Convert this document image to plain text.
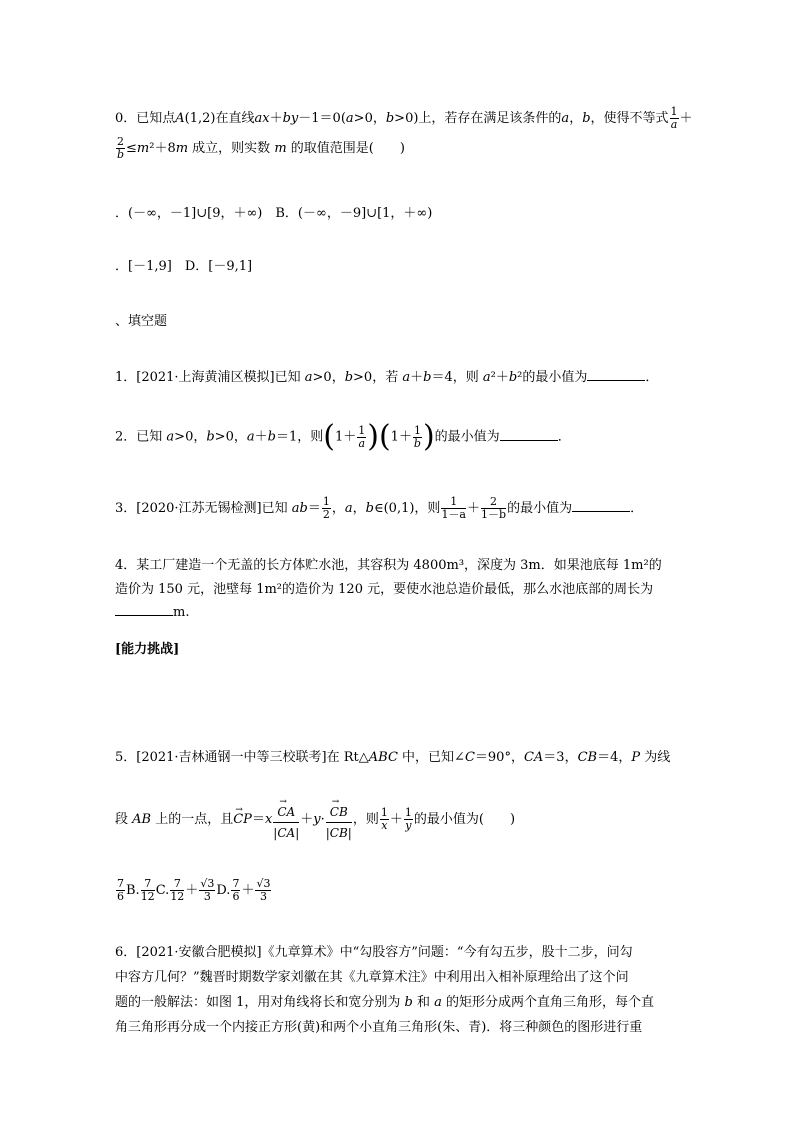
0．已知点A(1,2)在直线ax＋by－1＝0(a>0，b>0)上，若存在满足该条件的a，b，使得不等式 $\frac{1}{a}$ ＋
$\frac{2}{b} \le m^2+8m$ 成立，则实数 m 的取值范围是(　　)
．(－∞，－1]∪[9，＋∞)　B．(－∞，－9]∪[1，＋∞)
．[－1,9]　D．[－9,1]
、填空题
1．[2021·上海黄浦区模拟]已知 a>0，b>0，若 a＋b＝4，则 a²＋b²的最小值为	．
2．已知 a>0，b>0，a＋b＝1，则$(1+ \frac{1}{a} )(1+ \frac{1}{b}$ )的最小值为	．
3．[2020·江苏无锡检测]已知 $ab= \frac{1}{2}$ ，a，b∈(0,1)，则 $\frac{1}{1-a} + \frac{2}{1-b}$ 的最小值为	．
4．某工厂建造一个无盖的长方体贮水池，其容积为 4800m³，深度为 3m．如果池底每 1m²的
造价为 150 元，池壁每 1m²的造价为 120 元，要使水池总造价最低，那么水池底部的周长为
m.
[能力挑战]
5．[2021·吉林通钢一中等三校联考]在 Rt△ABC 中，已知∠C＝90°，CA＝3，CB＝4，P 为线
段 AB 上的一点，且→ CP＝x
→ $\frac{CA}{|CA|} +y\cdot$
→ $\frac{CB}{|CB|}$ ，则 $\frac{1}{x} + \frac{1}{y}$ 的最小值为(　　)
$\frac{7}{6} B$. $\frac{7}{12} C$. $\frac{7}{12} + \frac{√3}{3} D$. $\frac{7}{6} + \frac{√3}{3}$
6．[2021·安徽合肥模拟]《九章算术》中“勾股容方”问题：“今有勾五步，股十二步，问勾
中容方几何？”魏晋时期数学家刘徽在其《九章算术注》中利用出入相补原理给出了这个问
题的一般解法：如图 1，用对角线将长和宽分别为 b 和 a 的矩形分成两个直角三角形，每个直
角三角形再分成一个内接正方形(黄)和两个小直角三角形(朱、青)．将三种颜色的图形进行重
